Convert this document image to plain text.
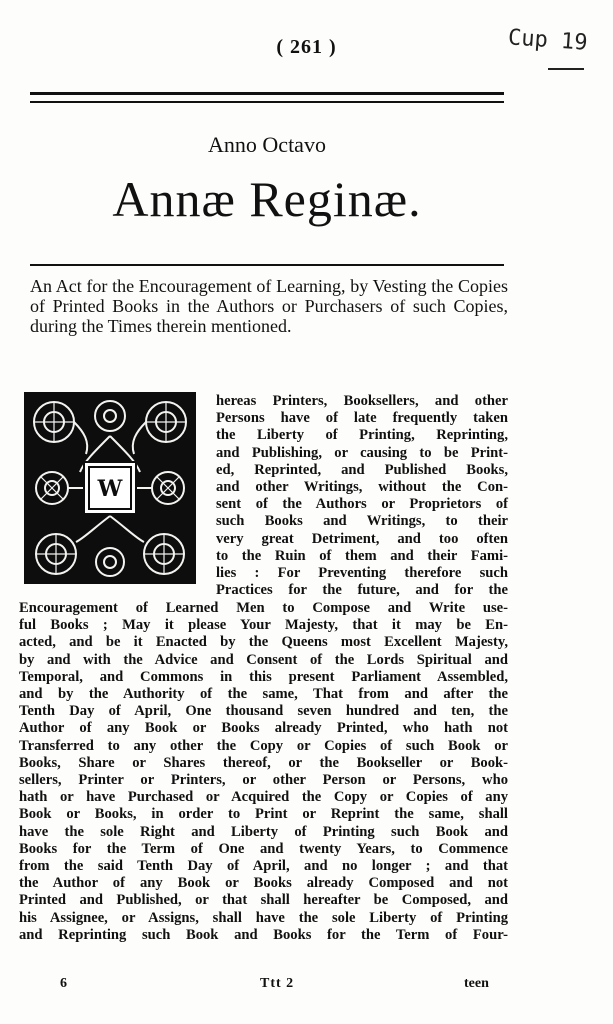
( 261 )	Cup 19
Anno Octavo
Annæ Reginæ.
An Act for the Encouragement of Learning, by Vesting the Copies of Printed Books in the Authors or Purchasers of such Copies, during the Times therein mentioned.
W
hereas Printers, Booksellers, and other
Persons have of late frequently taken
the Liberty of Printing, Reprinting,
and Publishing, or causing to be Print-
ed, Reprinted, and Published Books,
and other Writings, without the Con-
sent of the Authors or Proprietors of
such Books and Writings, to their
very great Detriment, and too often
to the Ruin of them and their Fami-
lies : For Preventing therefore such
Practices for the future, and for the
Encouragement of Learned Men to Compose and Write use-
ful Books ; May it please Your Majesty, that it may be En-
acted, and be it Enacted by the Queens most Excellent Majesty,
by and with the Advice and Consent of the Lords Spiritual and
Temporal, and Commons in this present Parliament Assembled,
and by the Authority of the same, That from and after the
Tenth Day of April, One thousand seven hundred and ten, the
Author of any Book or Books already Printed, who hath not
Transferred to any other the Copy or Copies of such Book or
Books, Share or Shares thereof, or the Bookseller or Book-
sellers, Printer or Printers, or other Person or Persons, who
hath or have Purchased or Acquired the Copy or Copies of any
Book or Books, in order to Print or Reprint the same, shall
have the sole Right and Liberty of Printing such Book and
Books for the Term of One and twenty Years, to Commence
from the said Tenth Day of April, and no longer ; and that
the Author of any Book or Books already Composed and not
Printed and Published, or that shall hereafter be Composed, and
his Assignee, or Assigns, shall have the sole Liberty of Printing
and Reprinting such Book and Books for the Term of Four-
6	Ttt 2	teen
